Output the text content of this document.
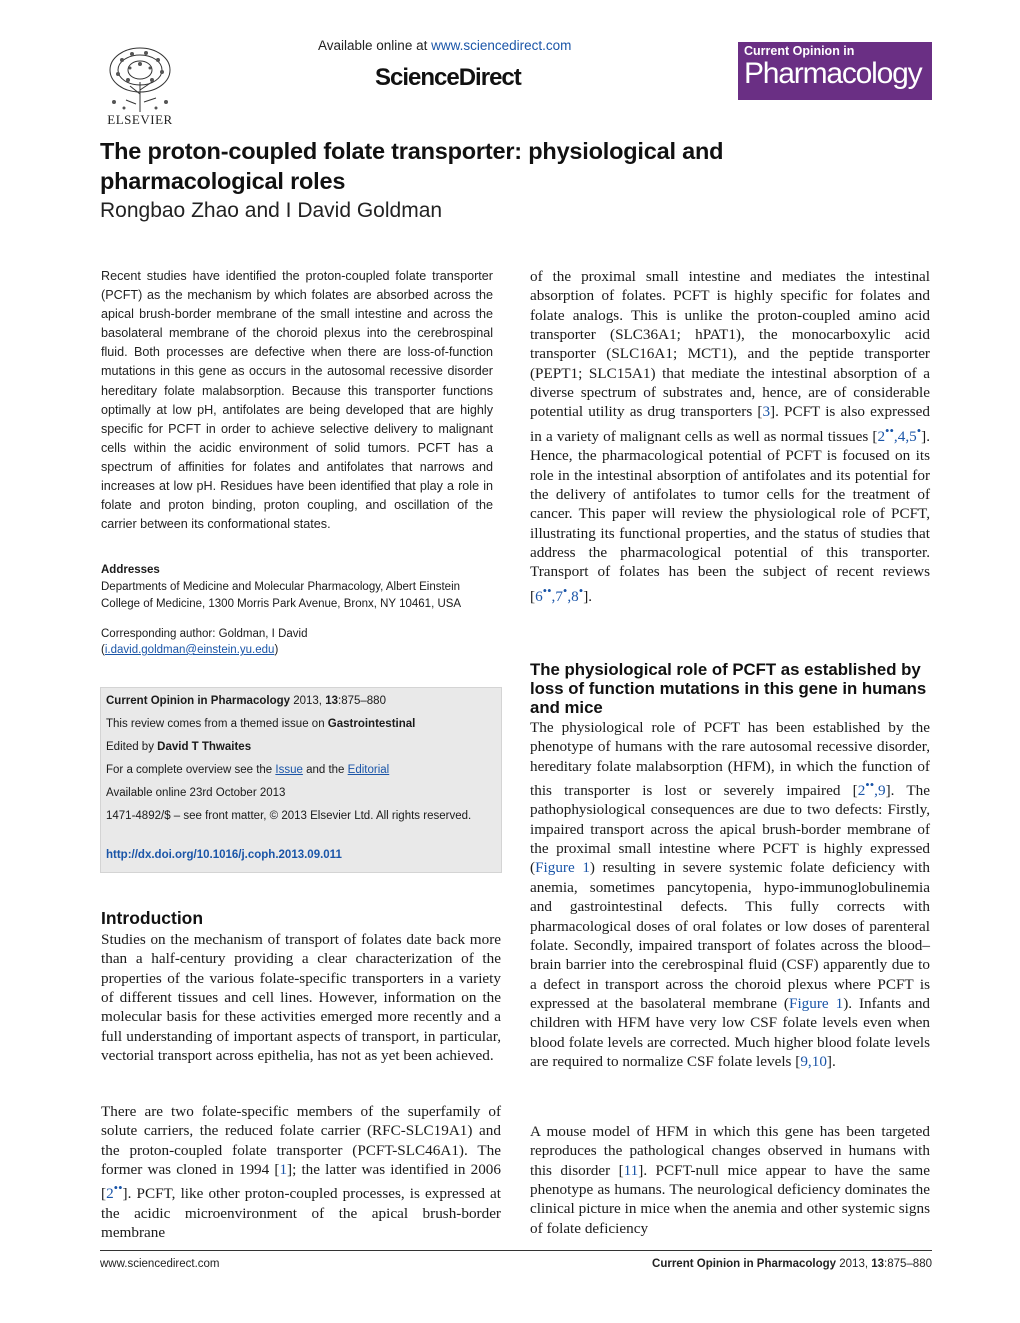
ELSEVIER
Available online at www.sciencedirect.com
ScienceDirect
Current Opinion in
Pharmacology
The proton-coupled folate transporter: physiological and pharmacological roles
Rongbao Zhao and I David Goldman
Recent studies have identified the proton-coupled folate transporter (PCFT) as the mechanism by which folates are absorbed across the apical brush-border membrane of the small intestine and across the basolateral membrane of the choroid plexus into the cerebrospinal fluid. Both processes are defective when there are loss-of-function mutations in this gene as occurs in the autosomal recessive disorder hereditary folate malabsorption. Because this transporter functions optimally at low pH, antifolates are being developed that are highly specific for PCFT in order to achieve selective delivery to malignant cells within the acidic environment of solid tumors. PCFT has a spectrum of affinities for folates and antifolates that narrows and increases at low pH. Residues have been identified that play a role in folate and proton binding, proton coupling, and oscillation of the carrier between its conformational states.
Addresses
Departments of Medicine and Molecular Pharmacology, Albert Einstein College of Medicine, 1300 Morris Park Avenue, Bronx, NY 10461, USA
Corresponding author: Goldman, I David
(i.david.goldman@einstein.yu.edu)
Current Opinion in Pharmacology 2013, 13:875–880
This review comes from a themed issue on Gastrointestinal
Edited by David T Thwaites
For a complete overview see the Issue and the Editorial
Available online 23rd October 2013
1471-4892/$ – see front matter, © 2013 Elsevier Ltd. All rights reserved.
http://dx.doi.org/10.1016/j.coph.2013.09.011
Introduction
Studies on the mechanism of transport of folates date back more than a half-century providing a clear characterization of the properties of the various folate-specific transporters in a variety of different tissues and cell lines. However, information on the molecular basis for these activities emerged more recently and a full understanding of important aspects of transport, in particular, vectorial transport across epithelia, has not as yet been achieved.
There are two folate-specific members of the superfamily of solute carriers, the reduced folate carrier (RFC-SLC19A1) and the proton-coupled folate transporter (PCFT-SLC46A1). The former was cloned in 1994 [1]; the latter was identified in 2006 [2••]. PCFT, like other proton-coupled processes, is expressed at the acidic microenvironment of the apical brush-border membrane
of the proximal small intestine and mediates the intestinal absorption of folates. PCFT is highly specific for folates and folate analogs. This is unlike the proton-coupled amino acid transporter (SLC36A1; hPAT1), the monocarboxylic acid transporter (SLC16A1; MCT1), and the peptide transporter (PEPT1; SLC15A1) that mediate the intestinal absorption of a diverse spectrum of substrates and, hence, are of considerable potential utility as drug transporters [3]. PCFT is also expressed in a variety of malignant cells as well as normal tissues [2••,4,5•]. Hence, the pharmacological potential of PCFT is focused on its role in the intestinal absorption of antifolates and its potential for the delivery of antifolates to tumor cells for the treatment of cancer. This paper will review the physiological role of PCFT, illustrating its functional properties, and the status of studies that address the pharmacological potential of this transporter. Transport of folates has been the subject of recent reviews [6••,7•,8•].
The physiological role of PCFT as established by loss of function mutations in this gene in humans and mice
The physiological role of PCFT has been established by the phenotype of humans with the rare autosomal recessive disorder, hereditary folate malabsorption (HFM), in which the function of this transporter is lost or severely impaired [2••,9]. The pathophysiological consequences are due to two defects: Firstly, impaired transport across the apical brush-border membrane of the proximal small intestine where PCFT is highly expressed (Figure 1) resulting in severe systemic folate deficiency with anemia, sometimes pancytopenia, hypo-immunoglobulinemia and gastrointestinal defects. This fully corrects with pharmacological doses of oral folates or low doses of parenteral folate. Secondly, impaired transport of folates across the blood–brain barrier into the cerebrospinal fluid (CSF) apparently due to a defect in transport across the choroid plexus where PCFT is expressed at the basolateral membrane (Figure 1). Infants and children with HFM have very low CSF folate levels even when blood folate levels are corrected. Much higher blood folate levels are required to normalize CSF folate levels [9,10].
A mouse model of HFM in which this gene has been targeted reproduces the pathological changes observed in humans with this disorder [11]. PCFT-null mice appear to have the same phenotype as humans. The neurological deficiency dominates the clinical picture in mice when the anemia and other systemic signs of folate deficiency
www.sciencedirect.com	Current Opinion in Pharmacology 2013, 13:875–880
